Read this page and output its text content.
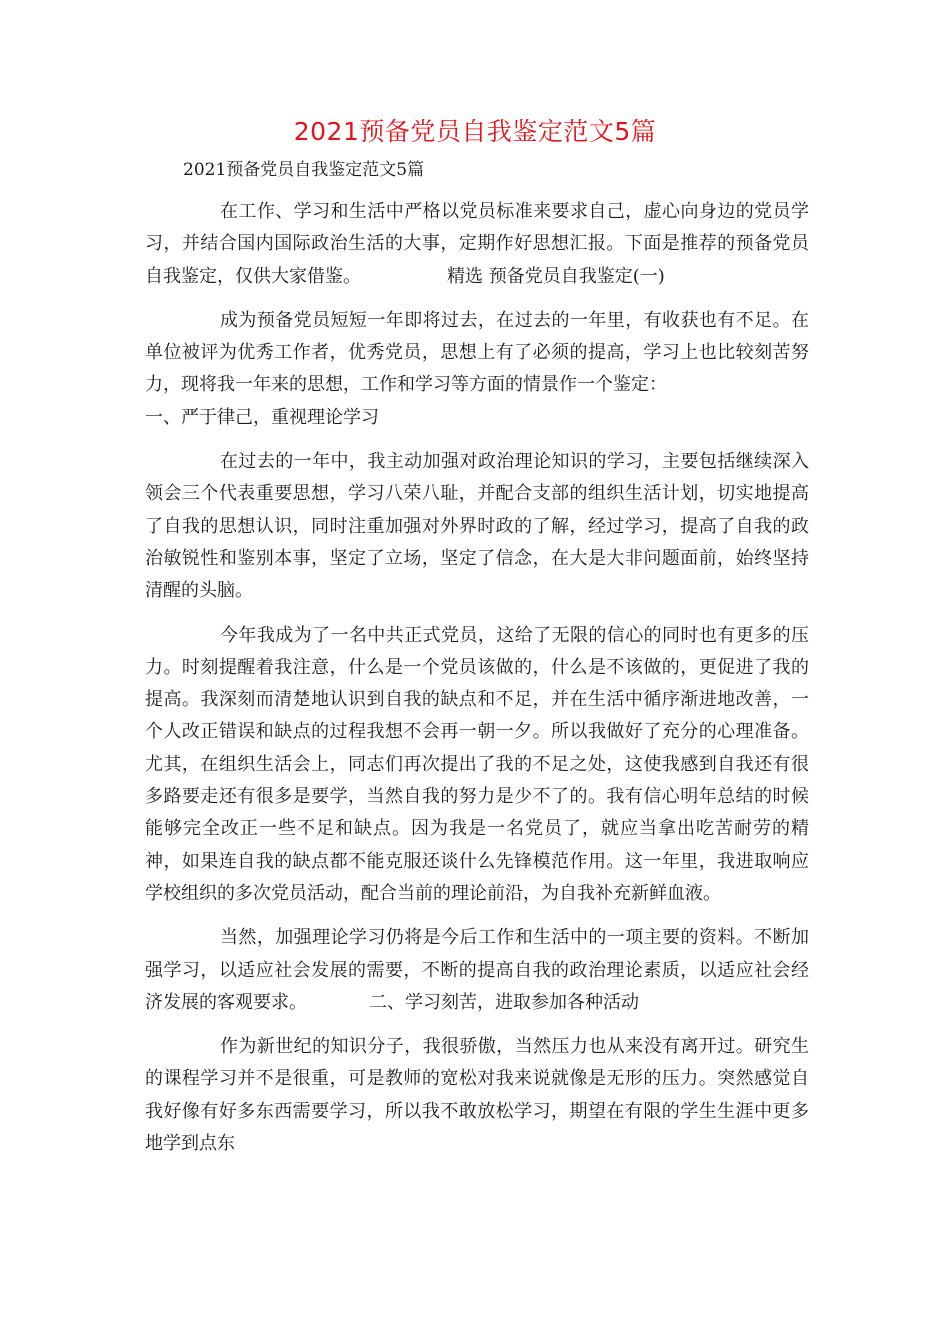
2021预备党员自我鉴定范文5篇

2021预备党员自我鉴定范文5篇

在工作、学习和生活中严格以党员标准来要求自己，虚心向身边的党员学习，并结合国内国际政治生活的大事，定期作好思想汇报。下面是推荐的预备党员自我鉴定，仅供大家借鉴。	精选 预备党员自我鉴定(一)

成为预备党员短短一年即将过去，在过去的一年里，有收获也有不足。在单位被评为优秀工作者，优秀党员，思想上有了必须的提高，学习上也比较刻苦努力，现将我一年来的思想，工作和学习等方面的情景作一个鉴定：

一、严于律己，重视理论学习

在过去的一年中，我主动加强对政治理论知识的学习，主要包括继续深入领会三个代表重要思想，学习八荣八耻，并配合支部的组织生活计划，切实地提高了自我的思想认识，同时注重加强对外界时政的了解，经过学习，提高了自我的政治敏锐性和鉴别本事，坚定了立场，坚定了信念，在大是大非问题面前，始终坚持清醒的头脑。

今年我成为了一名中共正式党员，这给了无限的信心的同时也有更多的压力。时刻提醒着我注意，什么是一个党员该做的，什么是不该做的，更促进了我的提高。我深刻而清楚地认识到自我的缺点和不足，并在生活中循序渐进地改善，一个人改正错误和缺点的过程我想不会再一朝一夕。所以我做好了充分的心理准备。尤其，在组织生活会上，同志们再次提出了我的不足之处，这使我感到自我还有很多路要走还有很多是要学，当然自我的努力是少不了的。我有信心明年总结的时候能够完全改正一些不足和缺点。因为我是一名党员了，就应当拿出吃苦耐劳的精神，如果连自我的缺点都不能克服还谈什么先锋模范作用。这一年里，我进取响应学校组织的多次党员活动，配合当前的理论前沿，为自我补充新鲜血液。

当然，加强理论学习仍将是今后工作和生活中的一项主要的资料。不断加强学习，以适应社会发展的需要，不断的提高自我的政治理论素质，以适应社会经济发展的客观要求。	二、学习刻苦，进取参加各种活动

作为新世纪的知识分子，我很骄傲，当然压力也从来没有离开过。研究生的课程学习并不是很重，可是教师的宽松对我来说就像是无形的压力。突然感觉自我好像有好多东西需要学习，所以我不敢放松学习，期望在有限的学生生涯中更多地学到点东
